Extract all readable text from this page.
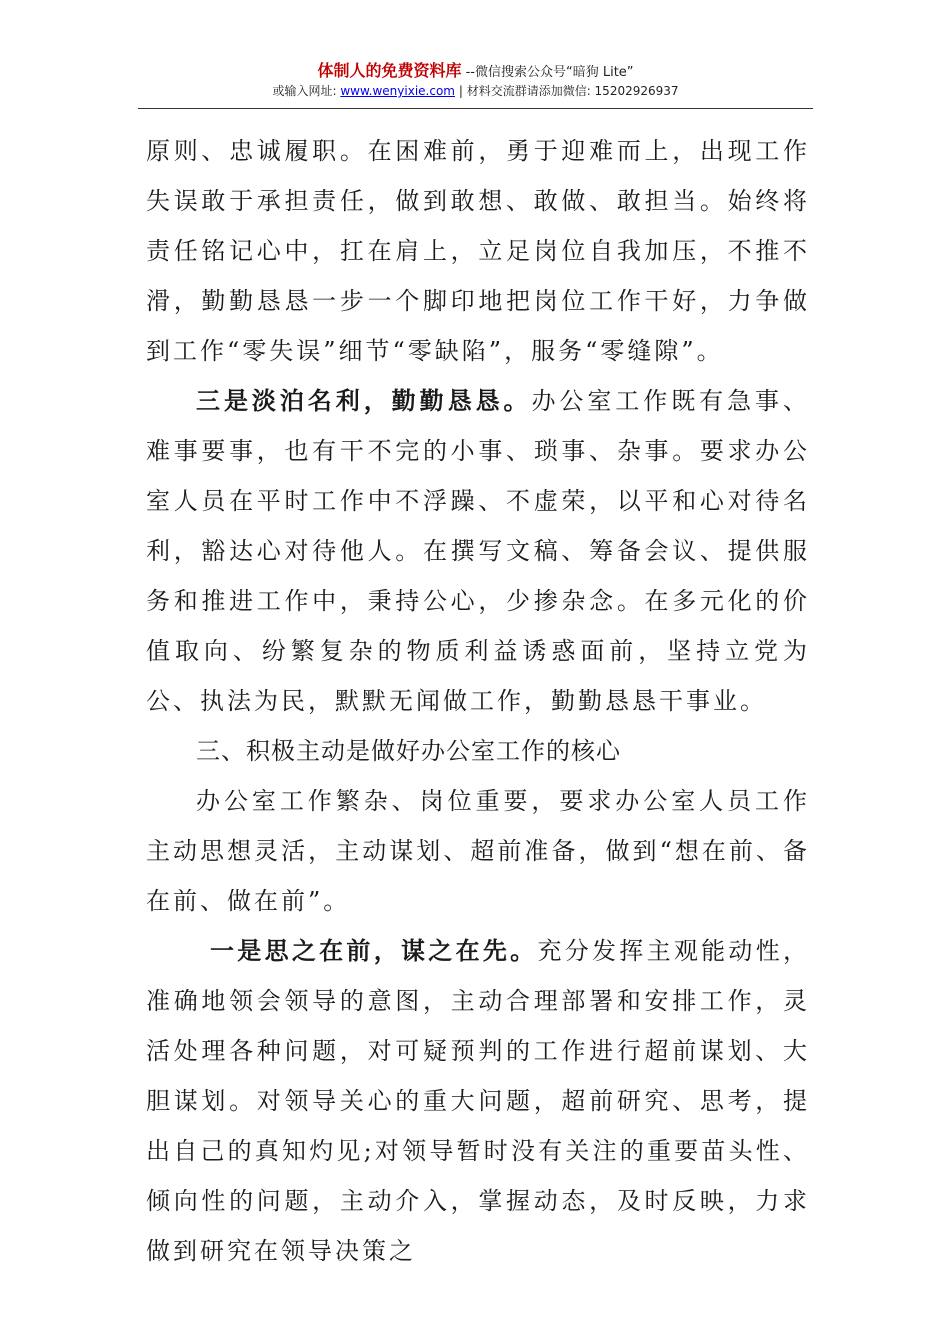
体制人的免费资料库 --微信搜索公众号“暗狗 Lite”
或输入网址: www.wenyixie.com | 材料交流群请添加微信: 15202926937

原则、忠诚履职。在困难前，勇于迎难而上，出现工作失误敢于承担责任，做到敢想、敢做、敢担当。始终将责任铭记心中，扛在肩上，立足岗位自我加压，不推不滑，勤勤恳恳一步一个脚印地把岗位工作干好，力争做到工作“零失误”细节“零缺陷”，服务“零缝隙”。

三是淡泊名利，勤勤恳恳。办公室工作既有急事、难事要事，也有干不完的小事、琐事、杂事。要求办公室人员在平时工作中不浮躁、不虚荣，以平和心对待名利，豁达心对待他人。在撰写文稿、筹备会议、提供服务和推进工作中，秉持公心，少掺杂念。在多元化的价值取向、纷繁复杂的物质利益诱惑面前，坚持立党为公、执法为民，默默无闻做工作，勤勤恳恳干事业。

三、积极主动是做好办公室工作的核心

办公室工作繁杂、岗位重要，要求办公室人员工作主动思想灵活，主动谋划、超前准备，做到“想在前、备在前、做在前”。

一是思之在前，谋之在先。充分发挥主观能动性，准确地领会领导的意图，主动合理部署和安排工作，灵活处理各种问题，对可疑预判的工作进行超前谋划、大胆谋划。对领导关心的重大问题，超前研究、思考，提出自己的真知灼见;对领导暂时没有关注的重要苗头性、倾向性的问题，主动介入，掌握动态，及时反映，力求做到研究在领导决策之
